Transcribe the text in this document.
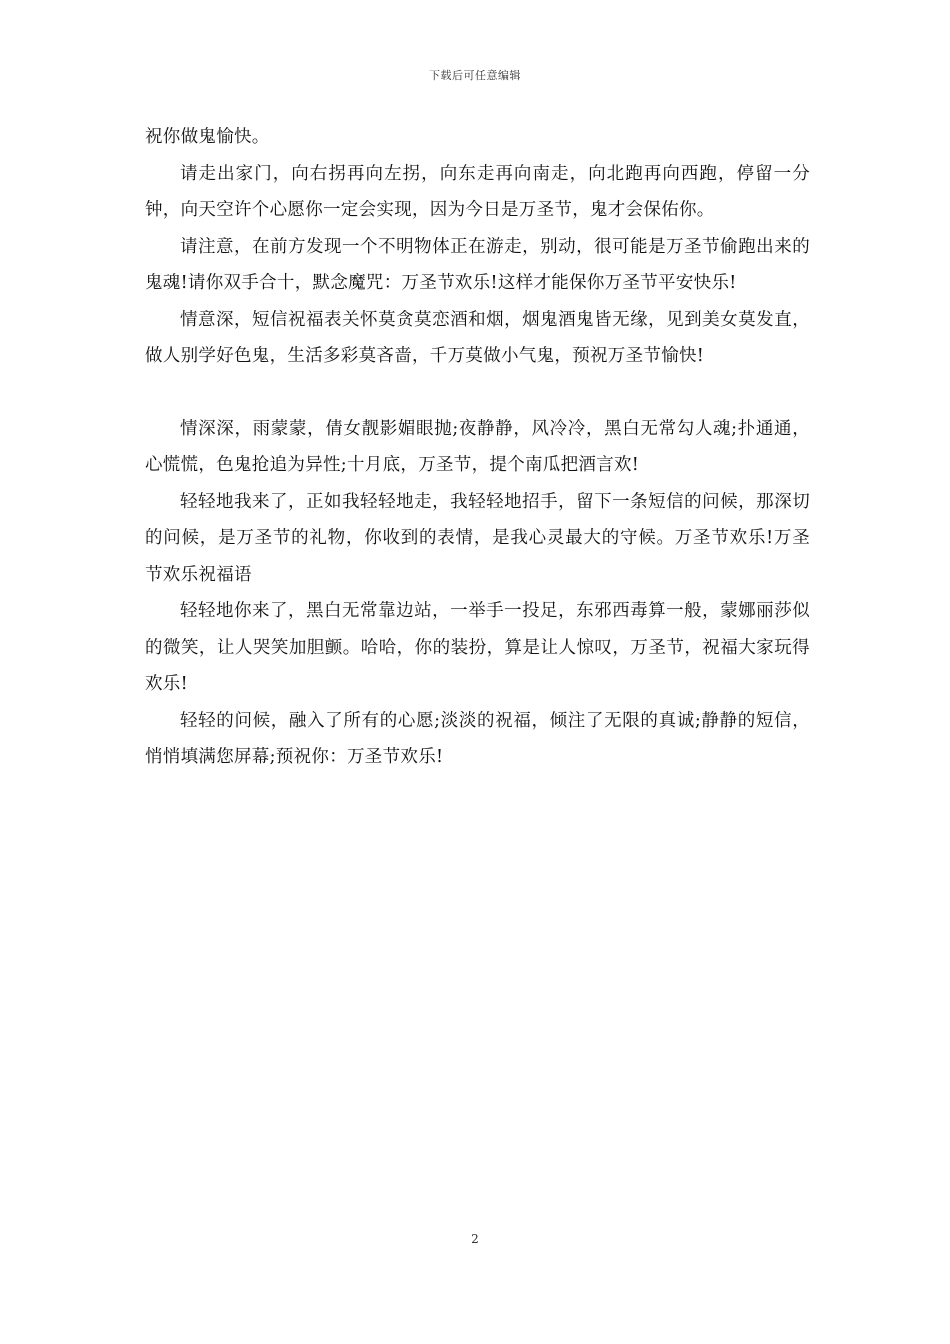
下载后可任意编辑

祝你做鬼愉快。

请走出家门，向右拐再向左拐，向东走再向南走，向北跑再向西跑，停留一分钟，向天空许个心愿你一定会实现，因为今日是万圣节，鬼才会保佑你。

请注意，在前方发现一个不明物体正在游走，别动，很可能是万圣节偷跑出来的鬼魂!请你双手合十，默念魔咒：万圣节欢乐!这样才能保你万圣节平安快乐!

情意深，短信祝福表关怀莫贪莫恋酒和烟，烟鬼酒鬼皆无缘，见到美女莫发直，做人别学好色鬼，生活多彩莫吝啬，千万莫做小气鬼，预祝万圣节愉快!

情深深，雨蒙蒙，倩女靓影媚眼抛;夜静静，风冷冷，黑白无常勾人魂;扑通通，心慌慌，色鬼抢追为异性;十月底，万圣节，提个南瓜把酒言欢!

轻轻地我来了，正如我轻轻地走，我轻轻地招手，留下一条短信的问候，那深切的问候，是万圣节的礼物，你收到的表情，是我心灵最大的守候。万圣节欢乐!万圣节欢乐祝福语

轻轻地你来了，黑白无常靠边站，一举手一投足，东邪西毒算一般，蒙娜丽莎似的微笑，让人哭笑加胆颤。哈哈，你的装扮，算是让人惊叹，万圣节，祝福大家玩得欢乐!

轻轻的问候，融入了所有的心愿;淡淡的祝福，倾注了无限的真诚;静静的短信，悄悄填满您屏幕;预祝你：万圣节欢乐!

2
